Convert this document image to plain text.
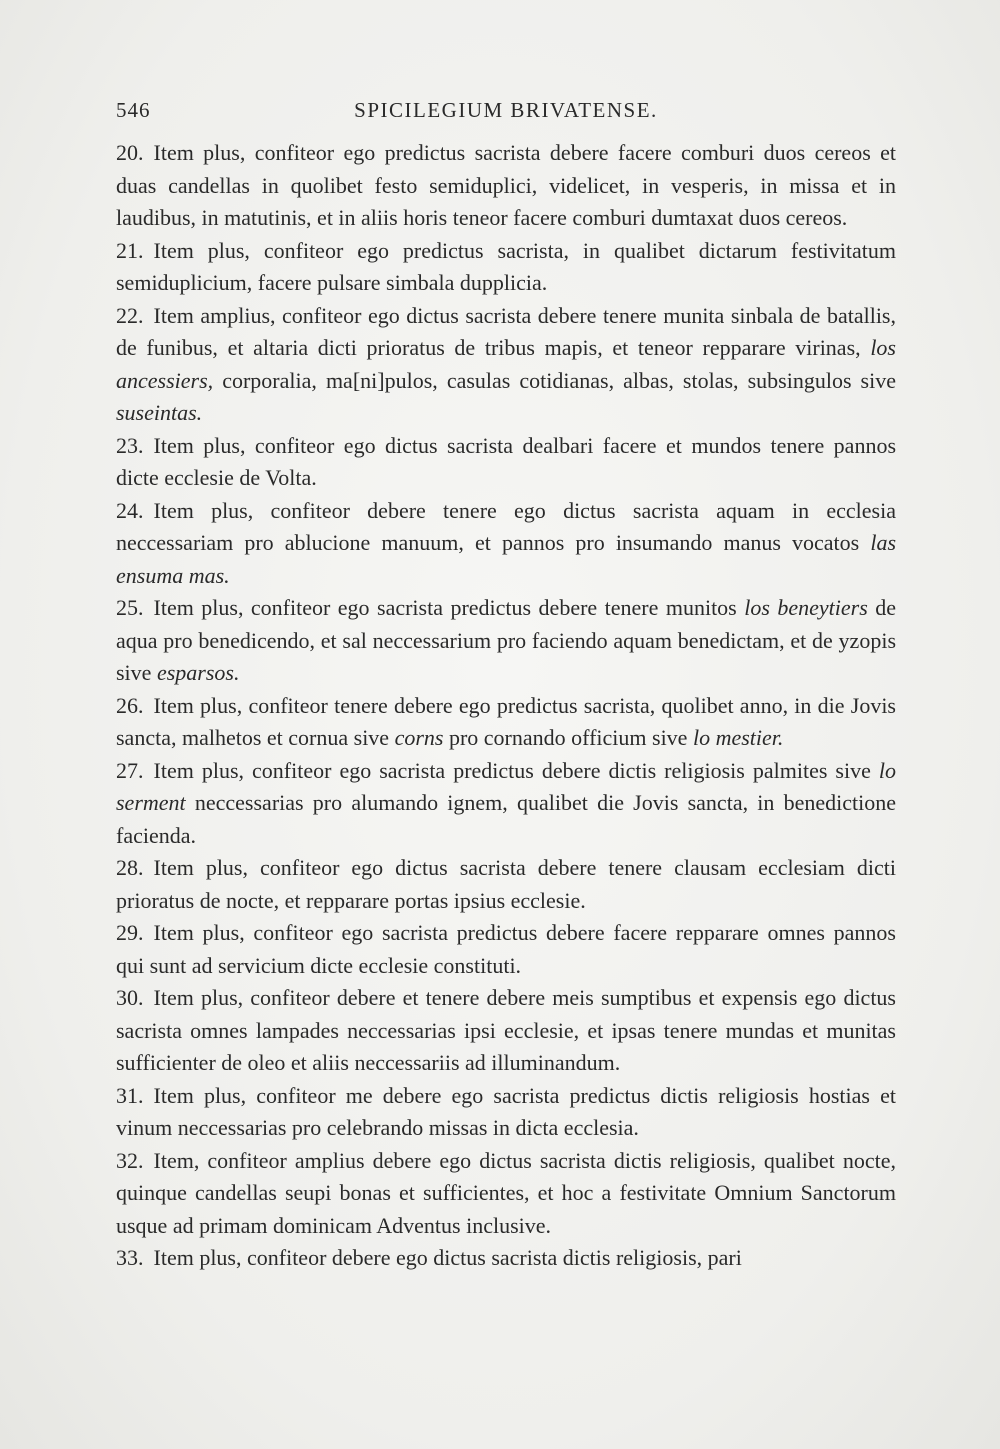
546	SPICILEGIUM BRIVATENSE.

20. Item plus, confiteor ego predictus sacrista debere facere comburi duos cereos et duas candellas in quolibet festo semiduplici, videlicet, in vesperis, in missa et in laudibus, in matutinis, et in aliis horis teneor facere comburi dumtaxat duos cereos.

21. Item plus, confiteor ego predictus sacrista, in qualibet dictarum festivitatum semiduplicium, facere pulsare simbala dupplicia.

22. Item amplius, confiteor ego dictus sacrista debere tenere munita sinbala de batallis, de funibus, et altaria dicti prioratus de tribus mapis, et teneor repparare virinas, los ancessiers, corporalia, ma[ni]pulos, casulas cotidianas, albas, stolas, subsingulos sive suseintas.

23. Item plus, confiteor ego dictus sacrista dealbari facere et mundos tenere pannos dicte ecclesie de Volta.

24. Item plus, confiteor debere tenere ego dictus sacrista aquam in ecclesia neccessariam pro ablucione manuum, et pannos pro insumando manus vocatos las ensuma mas.

25. Item plus, confiteor ego sacrista predictus debere tenere munitos los beneytiers de aqua pro benedicendo, et sal neccessarium pro faciendo aquam benedictam, et de yzopis sive esparsos.

26. Item plus, confiteor tenere debere ego predictus sacrista, quolibet anno, in die Jovis sancta, malhetos et cornua sive corns pro cornando officium sive lo mestier.

27. Item plus, confiteor ego sacrista predictus debere dictis religiosis palmites sive lo serment neccessarias pro alumando ignem, qualibet die Jovis sancta, in benedictione facienda.

28. Item plus, confiteor ego dictus sacrista debere tenere clausam ecclesiam dicti prioratus de nocte, et repparare portas ipsius ecclesie.

29. Item plus, confiteor ego sacrista predictus debere facere repparare omnes pannos qui sunt ad servicium dicte ecclesie constituti.

30. Item plus, confiteor debere et tenere debere meis sumptibus et expensis ego dictus sacrista omnes lampades neccessarias ipsi ecclesie, et ipsas tenere mundas et munitas sufficienter de oleo et aliis neccessariis ad illuminandum.

31. Item plus, confiteor me debere ego sacrista predictus dictis religiosis hostias et vinum neccessarias pro celebrando missas in dicta ecclesia.

32. Item, confiteor amplius debere ego dictus sacrista dictis religiosis, qualibet nocte, quinque candellas seupi bonas et sufficientes, et hoc a festivitate Omnium Sanctorum usque ad primam dominicam Adventus inclusive.

33. Item plus, confiteor debere ego dictus sacrista dictis religiosis, pari
